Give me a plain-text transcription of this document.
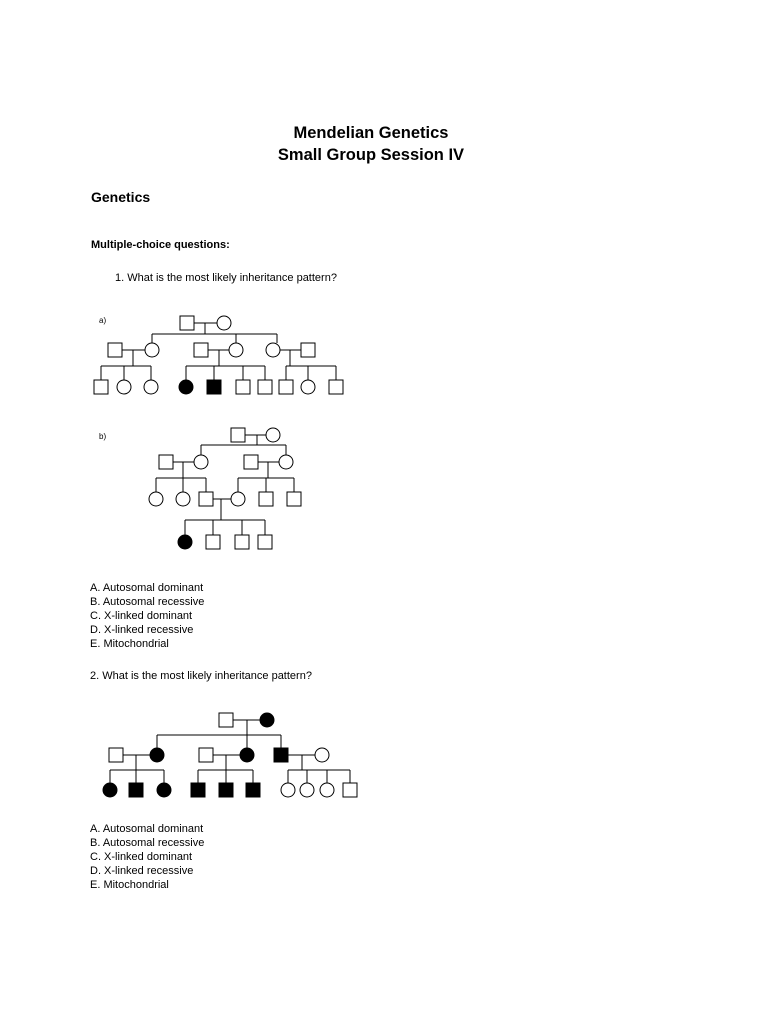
Mendelian Genetics
Small Group Session IV
Genetics
Multiple-choice questions:
1. What is the most likely inheritance pattern?
a)
b)
A. Autosomal dominant
B. Autosomal recessive
C. X-linked dominant
D. X-linked recessive
E. Mitochondrial
2. What is the most likely inheritance pattern?
A. Autosomal dominant
B. Autosomal recessive
C. X-linked dominant
D. X-linked recessive
E. Mitochondrial
